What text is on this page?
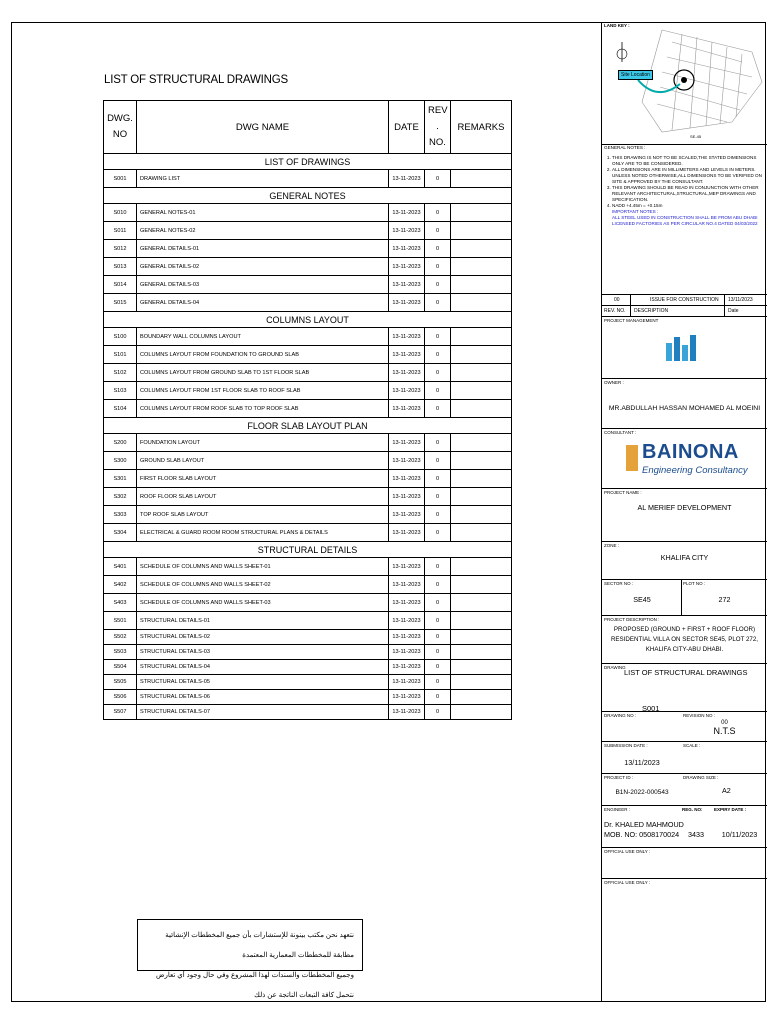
LIST OF STRUCTURAL DRAWINGS
DWG. NO	DWG NAME	DATE	REV . NO.	REMARKS
LIST OF DRAWINGS				
S001	DRAWING LIST	13-11-2023	0	
GENERAL NOTES				
S010	GENERAL NOTES-01	13-11-2023	0	
S011	GENERAL NOTES-02	13-11-2023	0	
S012	GENERAL DETAILS-01	13-11-2023	0	
S013	GENERAL DETAILS-02	13-11-2023	0	
S014	GENERAL DETAILS-03	13-11-2023	0	
S015	GENERAL DETAILS-04	13-11-2023	0	
COLUMNS LAYOUT				
S100	BOUNDARY WALL COLUMNS LAYOUT	13-11-2023	0	
S101	COLUMNS LAYOUT FROM FOUNDATION TO GROUND SLAB	13-11-2023	0	
S102	COLUMNS LAYOUT FROM GROUND SLAB TO 1ST FLOOR SLAB	13-11-2023	0	
S103	COLUMNS LAYOUT FROM 1ST FLOOR SLAB TO ROOF SLAB	13-11-2023	0	
S104	COLUMNS LAYOUT FROM ROOF SLAB TO TOP ROOF SLAB	13-11-2023	0	
FLOOR SLAB LAYOUT PLAN				
S200	FOUNDATION LAYOUT	13-11-2023	0	
S300	GROUND SLAB LAYOUT	13-11-2023	0	
S301	FIRST FLOOR SLAB LAYOUT	13-11-2023	0	
S302	ROOF FLOOR SLAB LAYOUT	13-11-2023	0	
S303	TOP ROOF SLAB LAYOUT	13-11-2023	0	
S304	ELECTRICAL & GUARD ROOM ROOM STRUCTURAL PLANS & DETAILS	13-11-2023	0	
STRUCTURAL DETAILS				
S401	SCHEDULE OF COLUMNS AND WALLS SHEET-01	13-11-2023	0	
S402	SCHEDULE OF COLUMNS AND WALLS SHEET-02	13-11-2023	0	
S403	SCHEDULE OF COLUMNS AND WALLS SHEET-03	13-11-2023	0	
S501	STRUCTURAL DETAILS-01	13-11-2023	0	
S502	STRUCTURAL DETAILS-02	13-11-2023	0	
S503	STRUCTURAL DETAILS-03	13-11-2023	0	
S504	STRUCTURAL DETAILS-04	13-11-2023	0	
S505	STRUCTURAL DETAILS-05	13-11-2023	0	
S506	STRUCTURAL DETAILS-06	13-11-2023	0	
S507	STRUCTURAL DETAILS-07	13-11-2023	0	
نتعهد نحن مكتب بينونة للإستشارات بأن جميع المخططات الإنشائية مطابقة للمخططات المعمارية المعتمدة
وجميع المخططات والسندات لهذا المشروع وفي حال وجود أي تعارض نتحمل كافة التبعات الناتجة عن ذلك
LAND KEY :
Site Location
SE-45
GENERAL NOTES :
1. THIS DRAWING IS NOT TO BE SCALED,THE STATED DIMENSIONS ONLY ARE TO BE CONSIDERED.
2. ALL DIMENSIONS ARE IN MILLIMETERS AND LEVELS IN METERS. UNLESS NOTED OTHERWISE,ALL DIMENSIONS TO BE VERIFIED ON SITE & APPROVED BY THE CONSULTANT.
3. THIS DRAWING SHOULD BE READ IN CONJUNCTION WITH OTHER RELEVANT ARCHITECTURAL,STRUCTURAL,MEP DRAWINGS AND SPECIFICATION.
4. NADD +4.45m = +0.15m
IMPORTANT NOTES :
ALL STEEL USED IN CONSTRUCTION SHALL BE FROM ABU DHABI LICENSED FACTORIES AS PER CIRCULAR NO.4 DATED 04/03/2022
00	ISSUE FOR CONSTRUCTION 13/11/2023
REV. NO. DESCRIPTION	Date
PROJECT MANAGEMENT
OWNER :
MR.ABDULLAH HASSAN MOHAMED AL MOEINI
CONSULTANT :
BAINONA
Engineering Consultancy
PROJECT NAME :
AL MERIEF DEVELOPMENT
ZONE :
KHALIFA CITY
SECTOR NO :
SE45
PLOT NO :
272
PROJECT DESCRIPTION :
PROPOSED (GROUND + FIRST + ROOF FLOOR)
RESIDENTIAL VILLA ON SECTOR SE45, PLOT 272,
KHALIFA CITY-ABU DHABI.
DRAWING
LIST OF STRUCTURAL DRAWINGS
S001
DRAWING NO :	REVISION NO :
00
N.T.S
SUBMISSION DATE :
13/11/2023
SCALE :
PROJECT ID :
B1N-2022-000543
DRAWING SIZE :
A2
ENGINEER :
Dr. KHALED MAHMOUD
MOB. NO: 0508170024
REG. NO:
3433
EXPIRY DATE :
10/11/2023
OFFICIAL USE ONLY :
OFFICIAL USE ONLY :
